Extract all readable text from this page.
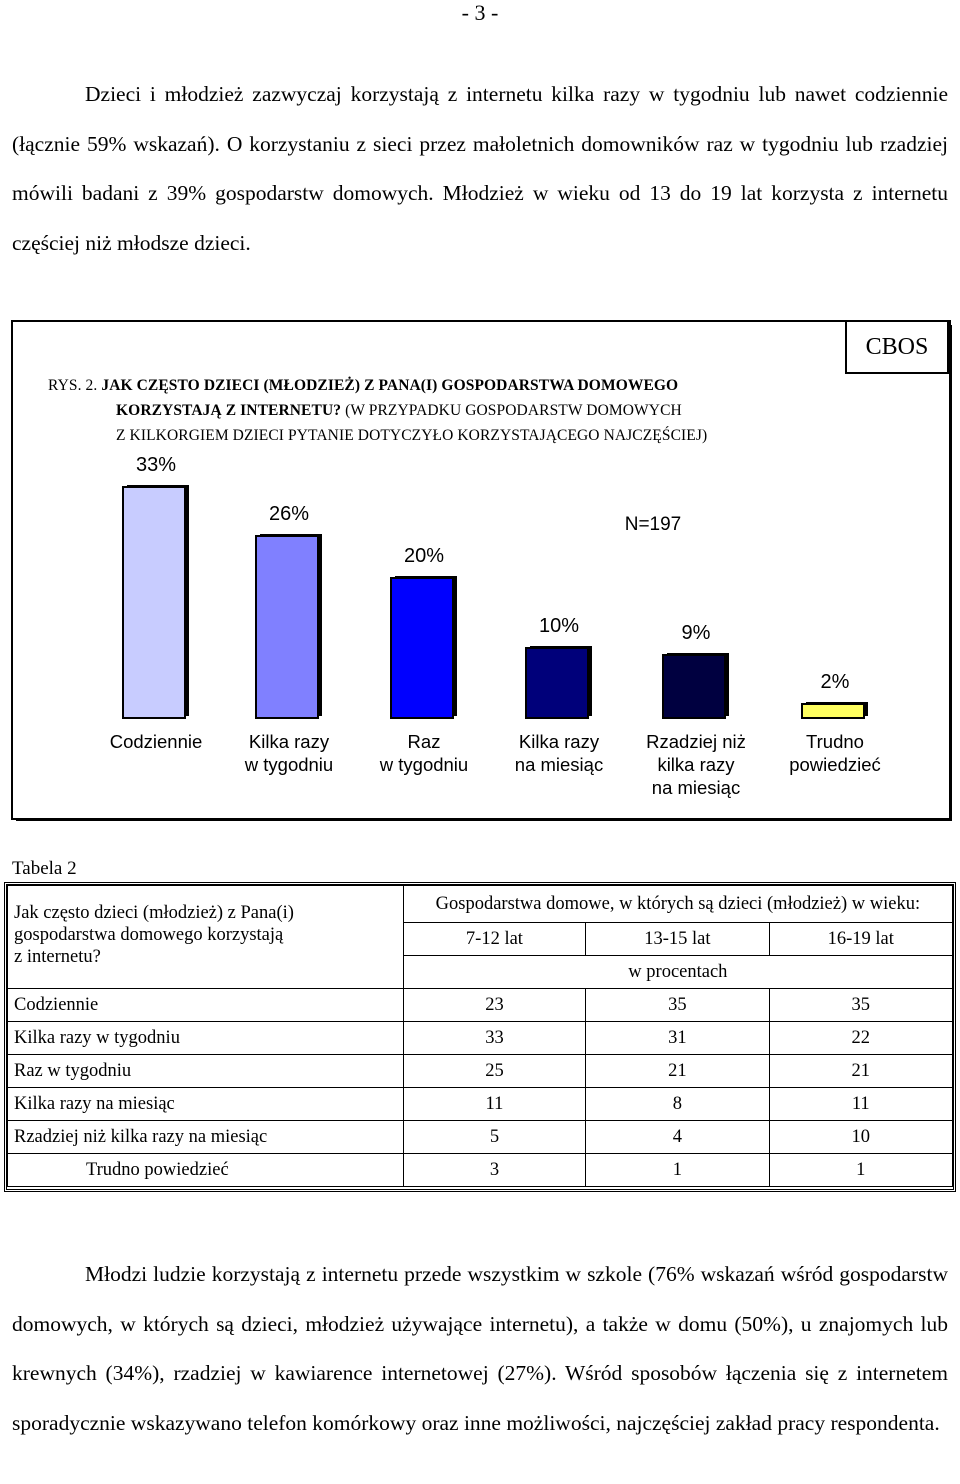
- 3 -

Dzieci i młodzież zazwyczaj korzystają z internetu kilka razy w tygodniu lub nawet codziennie (łącznie 59% wskazań). O korzystaniu z sieci przez małoletnich domowników raz w tygodniu lub rzadziej mówili badani z 39% gospodarstw domowych. Młodzież w wieku od 13 do 19 lat korzysta z internetu częściej niż młodsze dzieci.

33%
Codziennie
26%
Kilka razy
w tygodniu
20%
Raz
w tygodniu
10%
Kilka razy
na miesiąc
9%
Rzadziej niż
kilka razy
na miesiąc
2%
Trudno
powiedzieć
N=197
CBOS
RYS. 2. JAK CZĘSTO DZIECI (MŁODZIEŻ) Z PANA(I) GOSPODARSTWA DOMOWEGO

KORZYSTAJĄ Z INTERNETU? (W PRZYPADKU GOSPODARSTW DOMOWYCH
Z KILKORGIEM DZIECI PYTANIE DOTYCZYŁO KORZYSTAJĄCEGO NAJCZĘŚCIEJ)
Tabela 2
Jak często dzieci (młodzież) z Pana(i)
gospodarstwa domowego korzystają
z internetu?	Gospodarstwa domowe, w których są dzieci (młodzież) w wieku:		
	7-12 lat	13-15 lat	16-19 lat
	w procentach		
Codziennie	23	35	35
Kilka razy w tygodniu	33	31	22
Raz w tygodniu	25	21	21
Kilka razy na miesiąc	11	8	11
Rzadziej niż kilka razy na miesiąc	5	4	10
Trudno powiedzieć	3	1	1

Młodzi ludzie korzystają z internetu przede wszystkim w szkole (76% wskazań wśród gospodarstw domowych, w których są dzieci, młodzież używające internetu), a także w domu (50%), u znajomych lub krewnych (34%), rzadziej w kawiarence internetowej (27%). Wśród sposobów łączenia się z internetem sporadycznie wskazywano telefon komórkowy oraz inne możliwości, najczęściej zakład pracy respondenta.
